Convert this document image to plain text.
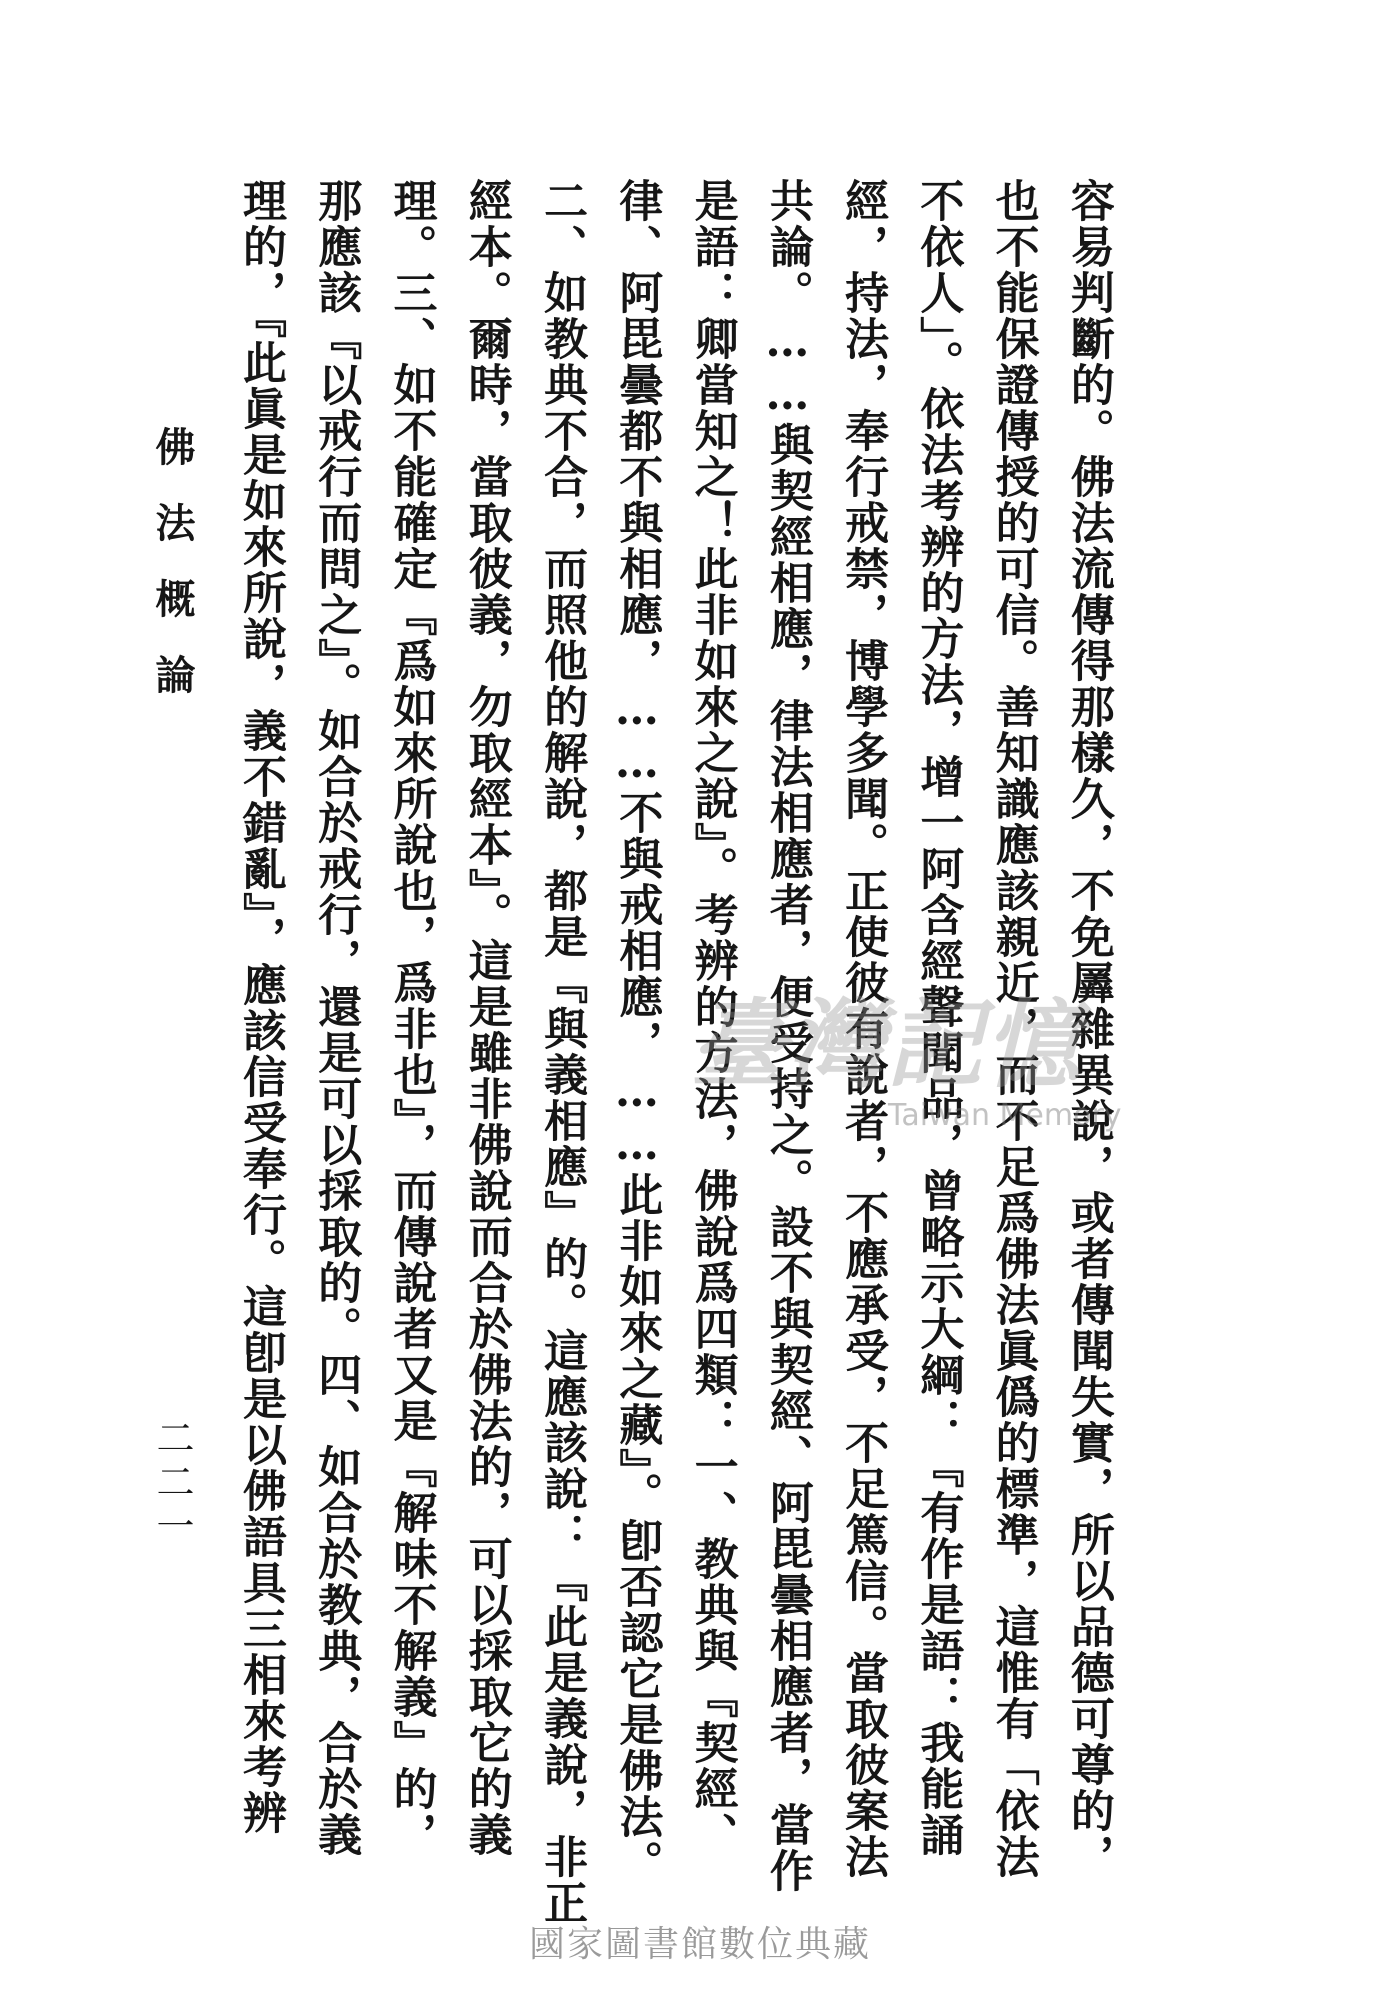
佛法概論
二二一	容易判斷的。佛法流傳得那樣久，不免羼雜異說，或者傳聞失實，所以品德可尊的，
也不能保證傳授的可信。善知識應該親近，而不足爲佛法眞僞的標準，這惟有「依法
不依人」。依法考辨的方法，增一阿含經聲聞品，曾略示大綱：『有作是語：我能誦
經，持法，奉行戒禁，博學多聞。正使彼有說者，不應承受，不足篤信。當取彼案法
共論。……與契經相應，律法相應者，便受持之。設不與契經、阿毘曇相應者，當作
是語：卿當知之！此非如來之說』。考辨的方法，佛說爲四類：一、教典與『契經、
律、阿毘曇都不與相應，……不與戒相應，……此非如來之藏』。卽否認它是佛法。
二、如教典不合，而照他的解說，都是『與義相應』的。這應該說：『此是義說，非正
經本。爾時，當取彼義，勿取經本』。這是雖非佛說而合於佛法的，可以採取它的義
理。三、如不能確定『爲如來所說也，爲非也』，而傳說者又是『解味不解義』的，
那應該『以戒行而問之』。如合於戒行，還是可以採取的。四、如合於教典，合於義
理的，『此眞是如來所說，義不錯亂』，應該信受奉行。這卽是以佛語具三相來考辨	臺灣記憶
Taiwan Memory
國家圖書館數位典藏
